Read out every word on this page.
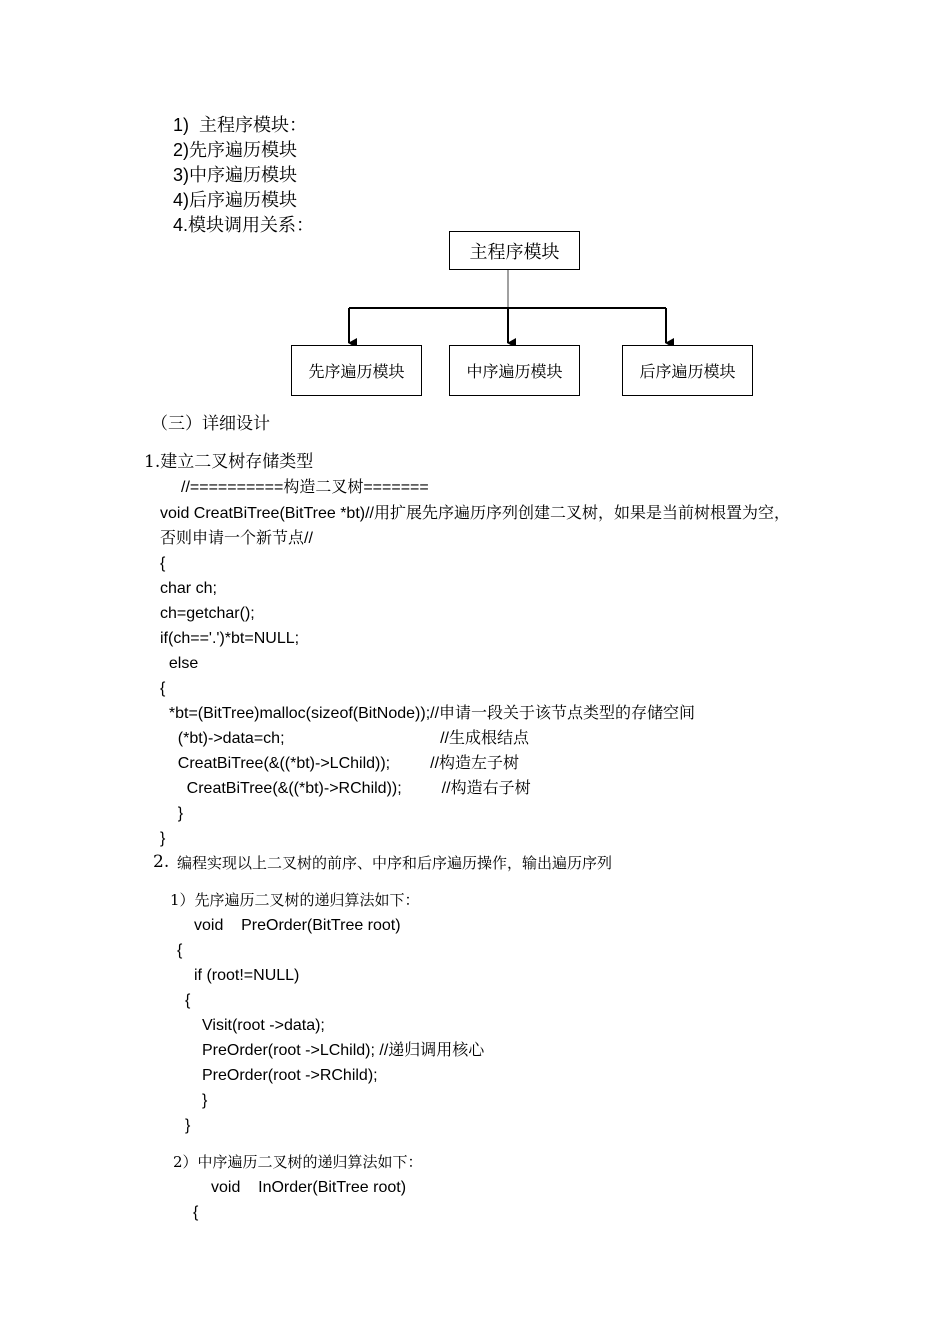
1)  主程序模块：
2)先序遍历模块
3)中序遍历模块
4)后序遍历模块
4.模块调用关系：
主程序模块
先序遍历模块	中序遍历模块	后序遍历模块
（三）详细设计
1.建立二叉树存储类型
//==========构造二叉树=======
void CreatBiTree(BitTree *bt)//用扩展先序遍历序列创建二叉树，如果是当前树根置为空，
否则申请一个新节点//
{
char ch;
ch=getchar();
if(ch=='.')*bt=NULL;
else
{
*bt=(BitTree)malloc(sizeof(BitNode));//申请一段关于该节点类型的存储空间
(*bt)->data=ch;                                   //生成根结点
CreatBiTree(&((*bt)->LChild));         //构造左子树
CreatBiTree(&((*bt)->RChild));         //构造右子树
}
}
2. 编程实现以上二叉树的前序、中序和后序遍历操作，输出遍历序列
1）先序遍历二叉树的递归算法如下：
void    PreOrder(BitTree root)
{
if (root!=NULL)
{
Visit(root ->data);
PreOrder(root ->LChild); //递归调用核心
PreOrder(root ->RChild);
}
}
2）中序遍历二叉树的递归算法如下：
void    InOrder(BitTree root)
{
